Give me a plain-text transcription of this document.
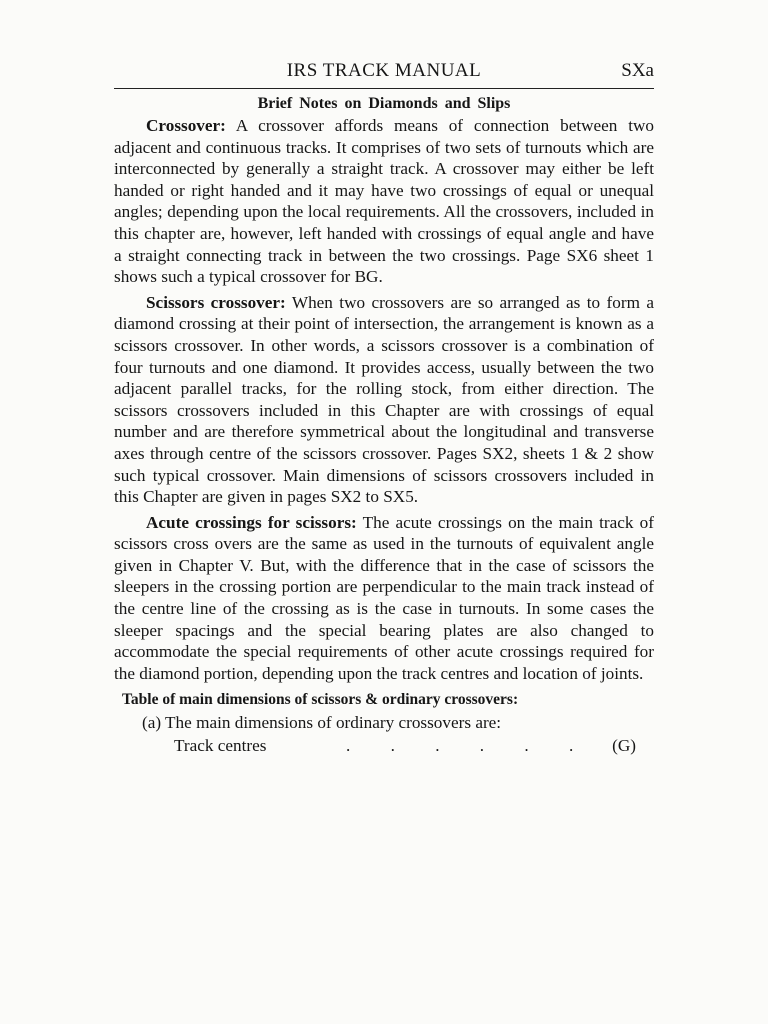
IRS TRACK MANUAL	SXa
Brief Notes on Diamonds and Slips

Crossover: A crossover affords means of connection between two adjacent and continuous tracks. It comprises of two sets of turnouts which are interconnected by generally a straight track. A crossover may either be left handed or right handed and it may have two crossings of equal or unequal angles; depending upon the local requirements. All the crossovers, included in this chapter are, however, left handed with crossings of equal angle and have a straight connecting track in between the two crossings. Page SX6 sheet 1 shows such a typical crossover for BG.

Scissors crossover: When two crossovers are so arranged as to form a diamond crossing at their point of intersection, the arrangement is known as a scissors crossover. In other words, a scissors crossover is a combination of four turnouts and one diamond. It provides access, usually between the two adjacent parallel tracks, for the rolling stock, from either direction. The scissors crossovers included in this Chapter are with crossings of equal number and are therefore symmetrical about the longitudinal and transverse axes through centre of the scissors crossover. Pages SX2, sheets 1 & 2 show such typical crossover. Main dimensions of scissors crossovers included in this Chapter are given in pages SX2 to SX5.

Acute crossings for scissors: The acute crossings on the main track of scissors cross overs are the same as used in the turnouts of equivalent angle given in Chapter V. But, with the difference that in the case of scissors the sleepers in the crossing portion are perpendicular to the main track instead of the centre line of the crossing as is the case in turnouts. In some cases the sleeper spacings and the special bearing plates are also changed to accommodate the special requirements of other acute crossings required for the diamond portion, depending upon the track centres and location of joints.

Table of main dimensions of scissors & ordinary crossovers:
(a) The main dimensions of ordinary crossovers are:
Track centres	. . . . . . (G)
